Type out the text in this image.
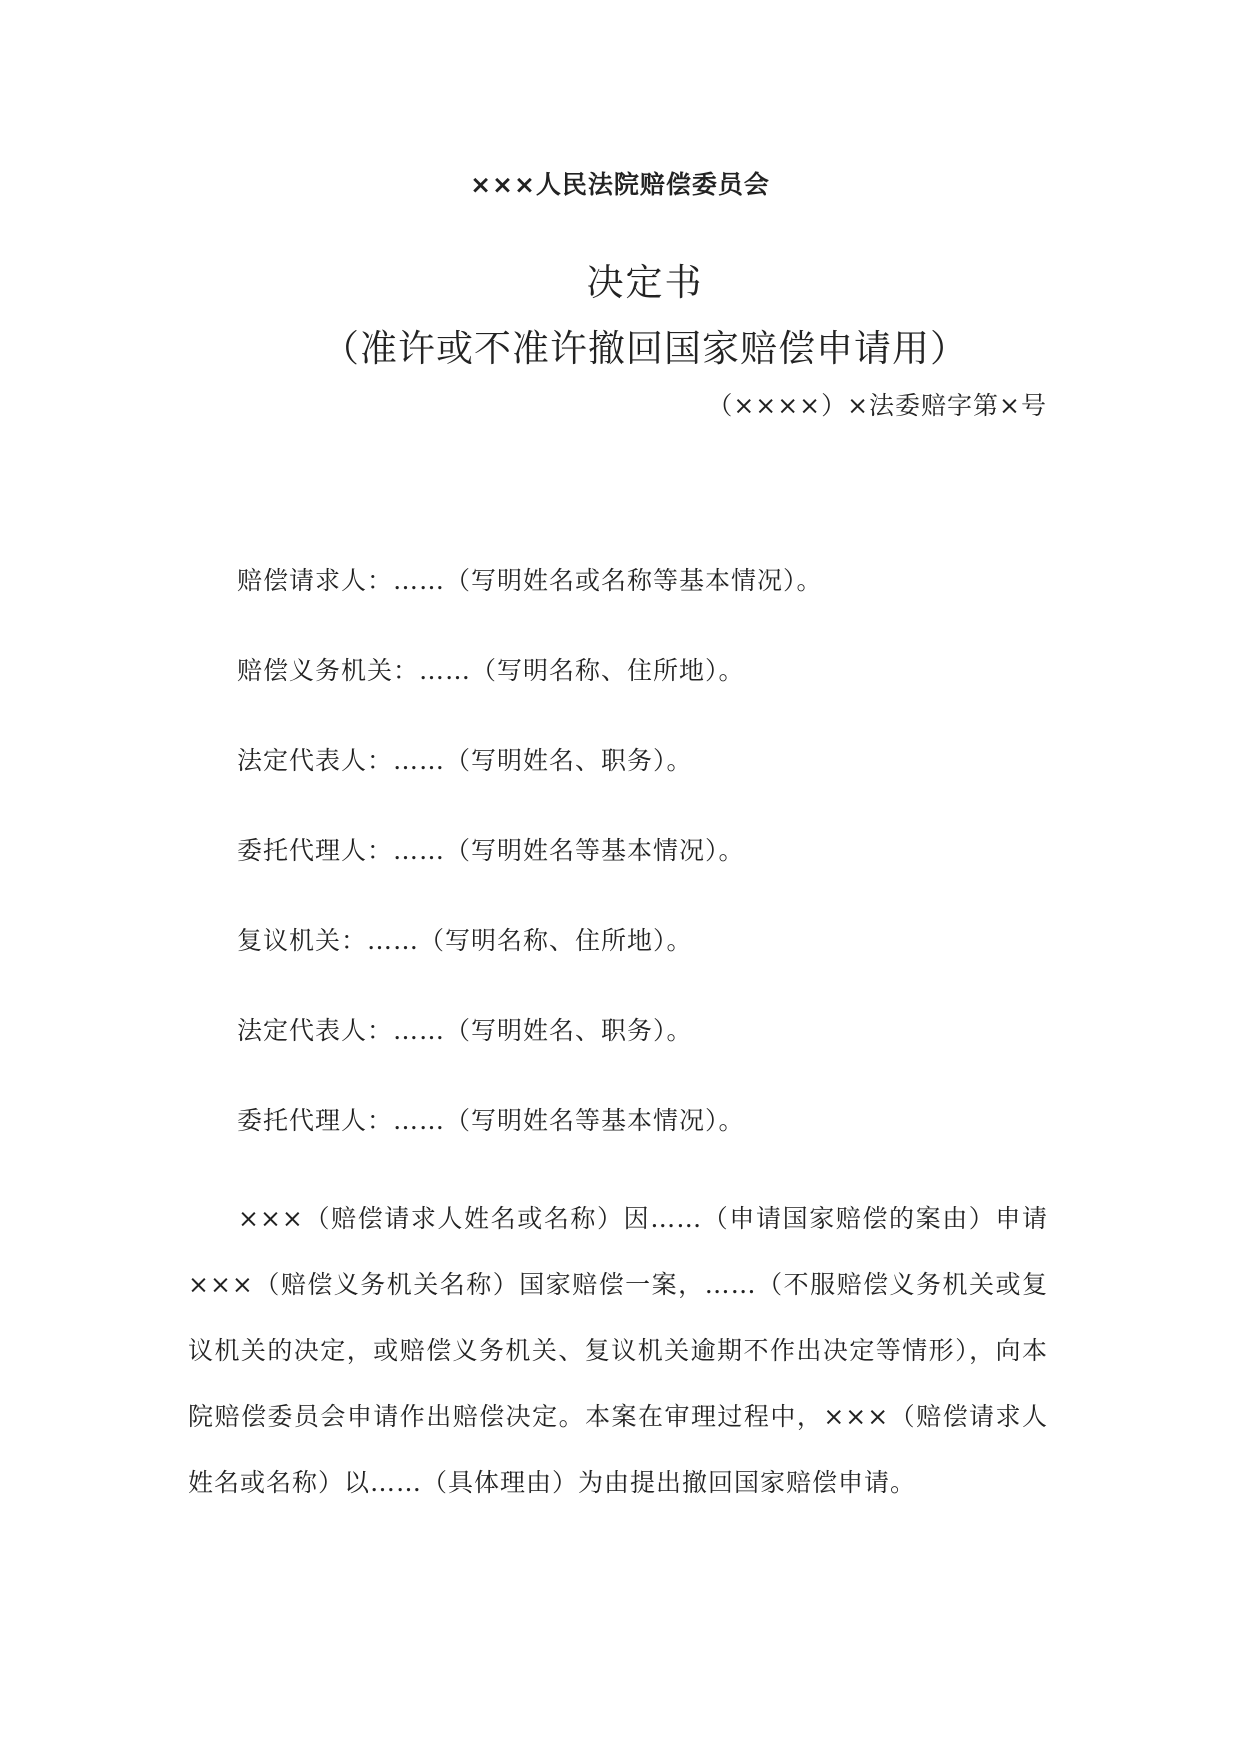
×××人民法院赔偿委员会
决定书
（准许或不准许撤回国家赔偿申请用）
（××××）×法委赔字第×号
赔偿请求人：……（写明姓名或名称等基本情况）。
赔偿义务机关：……（写明名称、住所地）。
法定代表人：……（写明姓名、职务）。
委托代理人：……（写明姓名等基本情况）。
复议机关：……（写明名称、住所地）。
法定代表人：……（写明姓名、职务）。
委托代理人：……（写明姓名等基本情况）。
×××（赔偿请求人姓名或名称）因……（申请国家赔偿的案由）申请×××（赔偿义务机关名称）国家赔偿一案，……（不服赔偿义务机关或复议机关的决定，或赔偿义务机关、复议机关逾期不作出决定等情形），向本院赔偿委员会申请作出赔偿决定。本案在审理过程中，×××（赔偿请求人姓名或名称）以……（具体理由）为由提出撤回国家赔偿申请。
